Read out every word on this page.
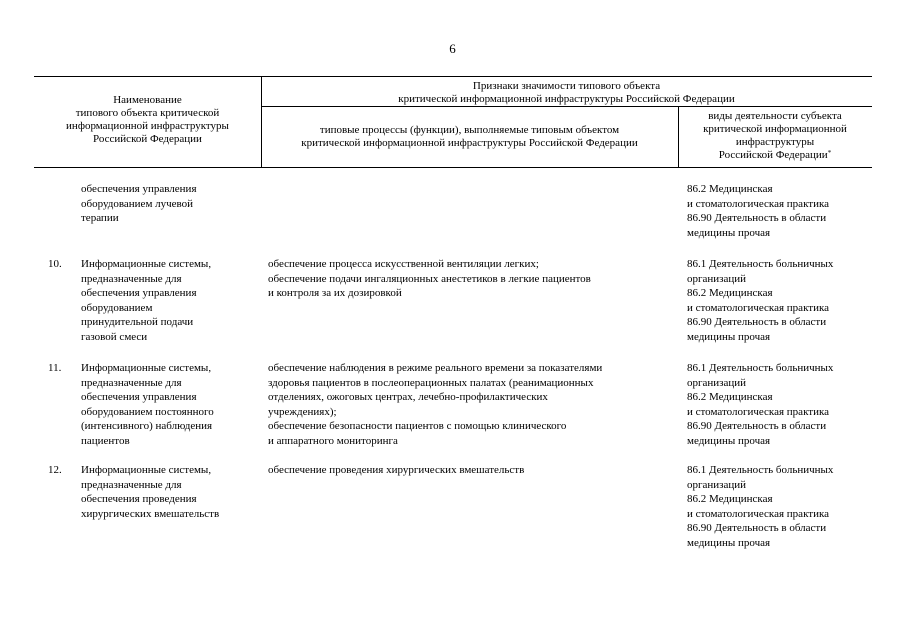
6
Наименование
типового объекта критической
информационной инфраструктуры
Российской Федерации
Признаки значимости типового объекта
критической информационной инфраструктуры Российской Федерации
типовые процессы (функции), выполняемые типовым объектом
критической информационной инфраструктуры Российской Федерации
виды деятельности субъекта
критической информационной
инфраструктуры
Российской Федерации*
обеспечения управления
оборудованием лучевой
терапии
86.2 Медицинская
и стоматологическая практика
86.90 Деятельность в области
медицины прочая
10. Информационные системы,
предназначенные для
обеспечения управления
оборудованием
принудительной подачи
газовой смеси
обеспечение процесса искусственной вентиляции легких;
обеспечение подачи ингаляционных анестетиков в легкие пациентов
и контроля за их дозировкой
86.1 Деятельность больничных
организаций
86.2 Медицинская
и стоматологическая практика
86.90 Деятельность в области
медицины прочая
11. Информационные системы,
предназначенные для
обеспечения управления
оборудованием постоянного
(интенсивного) наблюдения
пациентов
обеспечение наблюдения в режиме реального времени за показателями
здоровья пациентов в послеоперационных палатах (реанимационных
отделениях, ожоговых центрах, лечебно-профилактических
учреждениях);
обеспечение безопасности пациентов с помощью клинического
и аппаратного мониторинга
86.1 Деятельность больничных
организаций
86.2 Медицинская
и стоматологическая практика
86.90 Деятельность в области
медицины прочая
12. Информационные системы,
предназначенные для
обеспечения проведения
хирургических вмешательств
обеспечение проведения хирургических вмешательств	86.1 Деятельность больничных
организаций
86.2 Медицинская
и стоматологическая практика
86.90 Деятельность в области
медицины прочая
